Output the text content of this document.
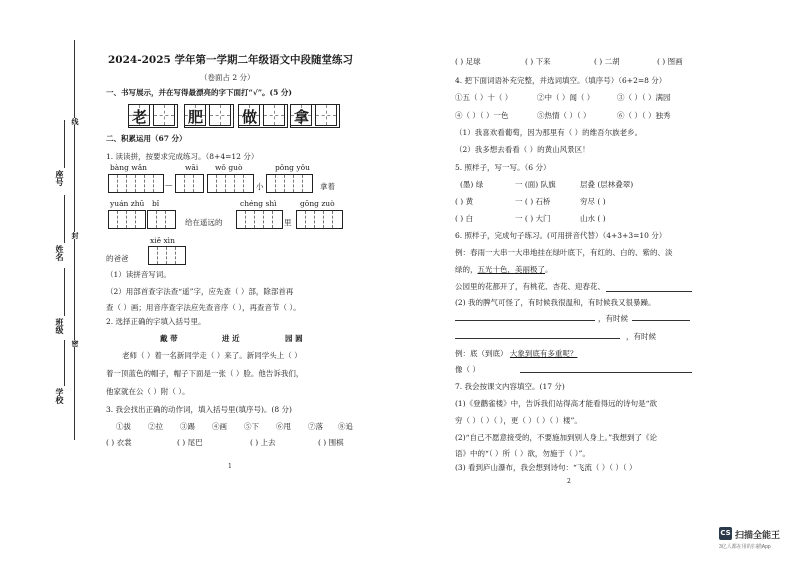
座号
姓名
班级
学校
线
封
密
2024-2025 学年第一学期二年级语文中段随堂练习
（卷面占 2 分）
一、书写展示，并在写得最漂亮的字下面打“√”。(5 分)
老	肥	做 拿
二、积累运用（67 分）
1. 读读拼，按要求完成练习。（8+4=12 分）
bàng wǎn	wāi wǒ guò	pǒng yǒu
—	小	拿着
yuán zhū bǐ	chéng shì	gōng zuò
给在遥远的	里
xiě xìn
的爸爸
（1）读拼音写词。
（2）用部首查字法查“遥”字，应先查（ ）部，除部首再
查（ ）画；用音序查字法应先查音序（ ），再查音节（ ）。
2. 选择正确的字填入括号里。
戴 带	进 近	园 圆
老师（ ）着一名新同学走（ ）来了。新同学头上（ ）
着一顶蓝色的帽子，帽子下面是一张（ ）脸。他告诉我们，
他家就在公（ ）附（ ）。
3. 我会找出正确的动作词，填入括号里(填序号)。(8 分)
①拔 ②拉 ③踢 ④画 ⑤下 ⑥甩 ⑦落 ⑧追
( ) 衣裳	( ) 尾巴	( ) 上去	( ) 围棋
1
( ) 足球	( ) 下来	( ) 二胡	( ) 图画
4. 把下面词语补充完整，并选词填空。（填序号）（6+2=8 分）
①五（ ）十（ ）	②中（ ）闻（ ）	③（ ）（ ）满园
④（ ）（ ）一色	⑤热情（ ）（ ）	⑥（ ）（ ）独秀
（1）我喜欢看葡萄，因为那里有（ ）的维吾尔族老乡。
（2）我多想去看看（ ）的黄山风景区！
5. 照样子，写一写。（6 分）
(墨) 绿	一 (面) 队旗	层叠 (层林叠翠)
( ) 黄	一 ( ) 石桥	穷尽 ( )
( ) 白	一 ( ) 大门	山水 ( )
6. 照样子，完成句子练习。(可用拼音代替）（4+3+3=10 分）
例：春雨一大串一大串地挂在绿叶底下，有红的、白的、紫的、淡
绿的，五光十色，美丽极了。
公园里的花都开了，有桃花、杏花、迎春花、
(2) 我的脾气可怪了，有时候我很温和，有时候我又很暴躁。
，有时候
，有时候
例：底（到底） 大象到底有多重呢？
像（ ）
7. 我会按课文内容填空。(17 分)
(1)《登鹳雀楼》中，告诉我们站得高才能看得远的诗句是“欲
穷（ ）（ ）（ ），更（ ）（ ）（ ）楼”。
(2)“自己不愿意接受的，不要施加到别人身上。”我想到了《论
语》中的“（ ）所（ ）欲，勿施于（ ）”。
(3) 看到庐山瀑布，我会想到诗句：“飞流（ ）（ ）（ ）
2
CS 扫描全能王
3亿人都在用的扫描App
